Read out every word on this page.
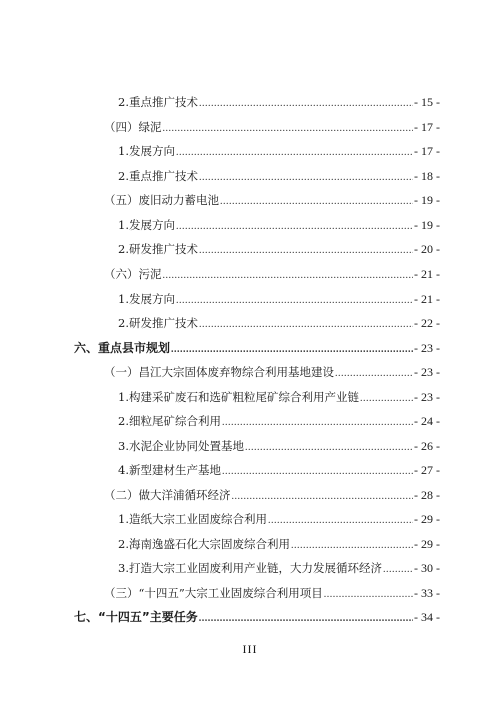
2.重点推广技术 .....	- 15 -
（四）绿泥 .....	- 17 -
1.发展方向 .....	- 17 -
2.重点推广技术 .....	- 18 -
（五）废旧动力蓄电池 .....	- 19 -
1.发展方向 .....	- 19 -
2.研发推广技术 .....	- 20 -
（六）污泥 .....	- 21 -
1.发展方向 .....	- 21 -
2.研发推广技术 .....	- 22 -
六、重点县市规划 .....	- 23 -
（一）昌江大宗固体废弃物综合利用基地建设 .....	- 23 -
1.构建采矿废石和选矿粗粒尾矿综合利用产业链 .....	- 23 -
2.细粒尾矿综合利用 .....	- 24 -
3.水泥企业协同处置基地 .....	- 26 -
4.新型建材生产基地 .....	- 27 -
（二）做大洋浦循环经济 .....	- 28 -
1.造纸大宗工业固废综合利用 .....	- 29 -
2.海南逸盛石化大宗固废综合利用 .....	- 29 -
3.打造大宗工业固废利用产业链，大力发展循环经济 .....	- 30 -
（三）“十四五”大宗工业固废综合利用项目 .....	- 33 -
七、“十四五”主要任务 .....	- 34 -
III
